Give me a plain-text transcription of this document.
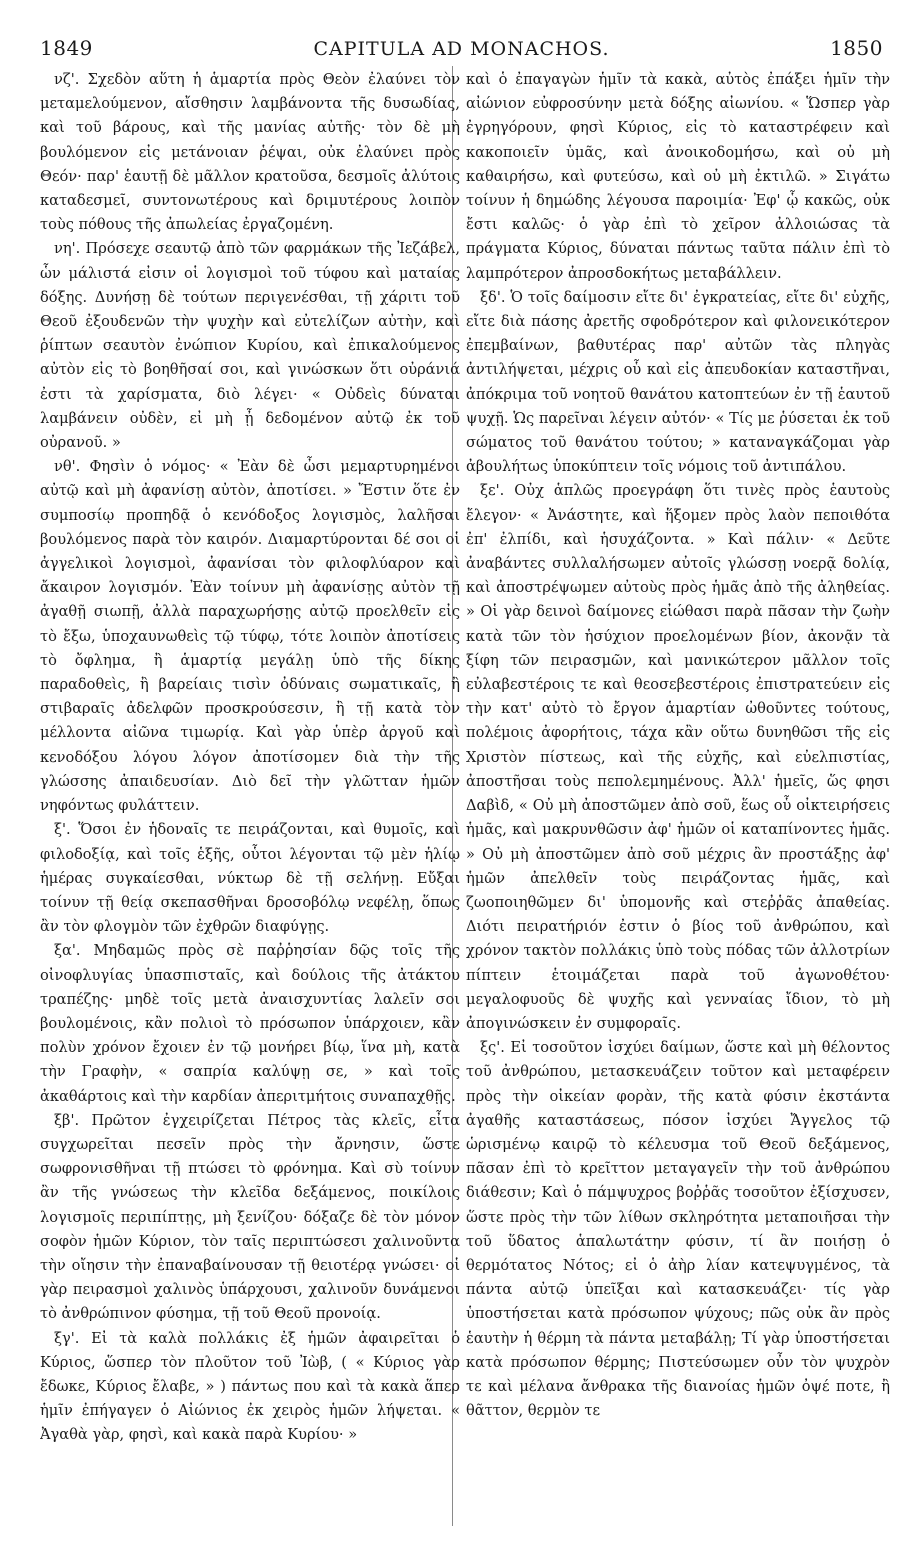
1849	CAPITULA AD MONACHOS.	1850

νζ'. Σχεδὸν αὕτη ἡ ἁμαρτία πρὸς Θεὸν ἐλαύνει τὸν μεταμελούμενον, αἴσθησιν λαμβάνοντα τῆς δυσωδίας, καὶ τοῦ βάρους, καὶ τῆς μανίας αὐτῆς· τὸν δὲ μὴ βουλόμενον εἰς μετάνοιαν ῥέψαι, οὐκ ἐλαύνει πρὸς Θεόν· παρ' ἑαυτῇ δὲ μᾶλλον κρατοῦσα, δεσμοῖς ἀλύτοις καταδεσμεῖ, συντονωτέρους καὶ δριμυτέρους λοιπὸν τοὺς πόθους τῆς ἀπωλείας ἐργαζομένη.

νη'. Πρόσεχε σεαυτῷ ἀπὸ τῶν φαρμάκων τῆς Ἰεζάβελ, ὧν μάλιστά εἰσιν οἱ λογισμοὶ τοῦ τύφου καὶ ματαίας δόξης. Δυνήσῃ δὲ τούτων περιγενέσθαι, τῇ χάριτι τοῦ Θεοῦ ἐξουδενῶν τὴν ψυχὴν καὶ εὐτελίζων αὐτὴν, καὶ ῥίπτων σεαυτὸν ἐνώπιον Κυρίου, καὶ ἐπικαλούμενος αὐτὸν εἰς τὸ βοηθῆσαί σοι, καὶ γινώσκων ὅτι οὐράνιά ἐστι τὰ χαρίσματα, διὸ λέγει· « Οὐδεὶς δύναται λαμβάνειν οὐδὲν, εἰ μὴ ᾖ δεδομένον αὐτῷ ἐκ τοῦ οὐρανοῦ. »

νθ'. Φησὶν ὁ νόμος· « Ἐὰν δὲ ὦσι μεμαρτυρημένοι αὐτῷ καὶ μὴ ἀφανίσῃ αὐτὸν, ἀποτίσει. » Ἔστιν ὅτε ἐν συμποσίῳ προπηδᾷ ὁ κενόδοξος λογισμὸς, λαλῆσαι βουλόμενος παρὰ τὸν καιρόν. Διαμαρτύρονται δέ σοι οἱ ἀγγελικοὶ λογισμοὶ, ἀφανίσαι τὸν φιλοφλύαρον καὶ ἄκαιρον λογισμόν. Ἐὰν τοίνυν μὴ ἀφανίσῃς αὐτὸν τῇ ἀγαθῇ σιωπῇ, ἀλλὰ παραχωρήσῃς αὐτῷ προελθεῖν εἰς τὸ ἔξω, ὑποχαυνωθεὶς τῷ τύφῳ, τότε λοιπὸν ἀποτίσεις τὸ ὄφλημα, ἢ ἁμαρτίᾳ μεγάλῃ ὑπὸ τῆς δίκης παραδοθεὶς, ἢ βαρείαις τισὶν ὀδύναις σωματικαῖς, ἢ στιβαραῖς ἀδελφῶν προσκρούσεσιν, ἢ τῇ κατὰ τὸν μέλλοντα αἰῶνα τιμωρίᾳ. Καὶ γὰρ ὑπὲρ ἀργοῦ καὶ κενοδόξου λόγου λόγον ἀποτίσομεν διὰ τὴν τῆς γλώσσης ἀπαιδευσίαν. Διὸ δεῖ τὴν γλῶτταν ἡμῶν νηφόντως φυλάττειν.

ξ'. Ὅσοι ἐν ἡδοναῖς τε πειράζονται, καὶ θυμοῖς, καὶ φιλοδοξίᾳ, καὶ τοῖς ἑξῆς, οὗτοι λέγονται τῷ μὲν ἡλίῳ ἡμέρας συγκαίεσθαι, νύκτωρ δὲ τῇ σελήνῃ. Εὔξαι τοίνυν τῇ θείᾳ σκεπασθῆναι δροσοβόλῳ νεφέλῃ, ὅπως ἂν τὸν φλογμὸν τῶν ἐχθρῶν διαφύγῃς.

ξα'. Μηδαμῶς πρὸς σὲ παῤῥησίαν δῷς τοῖς τῆς οἰνοφλυγίας ὑπασπισταῖς, καὶ δούλοις τῆς ἀτάκτου τραπέζης· μηδὲ τοῖς μετὰ ἀναισχυντίας λαλεῖν σοι βουλομένοις, κἂν πολιοὶ τὸ πρόσωπον ὑπάρχοιεν, κἂν πολὺν χρόνον ἔχοιεν ἐν τῷ μονήρει βίῳ, ἵνα μὴ, κατὰ τὴν Γραφὴν, « σαπρία καλύψῃ σε, » καὶ τοῖς ἀκαθάρτοις καὶ τὴν καρδίαν ἀπεριτμήτοις συναπαχθῇς.

ξβ'. Πρῶτον ἐγχειρίζεται Πέτρος τὰς κλεῖς, εἶτα συγχωρεῖται πεσεῖν πρὸς τὴν ἄρνησιν, ὥστε σωφρονισθῆναι τῇ πτώσει τὸ φρόνημα. Καὶ σὺ τοίνυν ἂν τῆς γνώσεως τὴν κλεῖδα δεξάμενος, ποικίλοις λογισμοῖς περιπίπτῃς, μὴ ξενίζου· δόξαζε δὲ τὸν μόνον σοφὸν ἡμῶν Κύριον, τὸν ταῖς περιπτώσεσι χαλινοῦντα τὴν οἴησιν τὴν ἐπαναβαίνουσαν τῇ θειοτέρᾳ γνώσει· οἱ γὰρ πειρασμοὶ χαλινὸς ὑπάρχουσι, χαλινοῦν δυνάμενοι τὸ ἀνθρώπινον φύσημα, τῇ τοῦ Θεοῦ προνοίᾳ.

ξγ'. Εἰ τὰ καλὰ πολλάκις ἐξ ἡμῶν ἀφαιρεῖται ὁ Κύριος, ὥσπερ τὸν πλοῦτον τοῦ Ἰὼβ, ( « Κύριος γὰρ ἔδωκε, Κύριος ἔλαβε, » ) πάντως που καὶ τὰ κακὰ ἅπερ ἡμῖν ἐπήγαγεν ὁ Αἰώνιος ἐκ χειρὸς ἡμῶν λήψεται. « Ἀγαθὰ γὰρ, φησὶ, καὶ κακὰ παρὰ Κυρίου· »

καὶ ὁ ἐπαγαγὼν ἡμῖν τὰ κακὰ, αὐτὸς ἐπάξει ἡμῖν τὴν αἰώνιον εὐφροσύνην μετὰ δόξης αἰωνίου. « Ὥσπερ γὰρ ἐγρηγόρουν, φησὶ Κύριος, εἰς τὸ καταστρέφειν καὶ κακοποιεῖν ὑμᾶς, καὶ ἀνοικοδομήσω, καὶ οὐ μὴ καθαιρήσω, καὶ φυτεύσω, καὶ οὐ μὴ ἐκτιλῶ. » Σιγάτω τοίνυν ἡ δημώδης λέγουσα παροιμία· Ἐφ' ᾧ κακῶς, οὐκ ἔστι καλῶς· ὁ γὰρ ἐπὶ τὸ χεῖρον ἀλλοιώσας τὰ πράγματα Κύριος, δύναται πάντως ταῦτα πάλιν ἐπὶ τὸ λαμπρότερον ἀπροσδοκήτως μεταβάλλειν.

ξδ'. Ὁ τοῖς δαίμοσιν εἴτε δι' ἐγκρατείας, εἴτε δι' εὐχῆς, εἴτε διὰ πάσης ἀρετῆς σφοδρότερον καὶ φιλονεικότερον ἐπεμβαίνων, βαθυτέρας παρ' αὐτῶν τὰς πληγὰς ἀντιλήψεται, μέχρις οὗ καὶ εἰς ἀπευδοκίαν καταστῆναι, ἀπόκριμα τοῦ νοητοῦ θανάτου κατοπτεύων ἐν τῇ ἑαυτοῦ ψυχῇ. Ὡς παρεῖναι λέγειν αὐτόν· « Τίς με ῥύσεται ἐκ τοῦ σώματος τοῦ θανάτου τούτου; » καταναγκάζομαι γὰρ ἀβουλήτως ὑποκύπτειν τοῖς νόμοις τοῦ ἀντιπάλου.

ξε'. Οὐχ ἁπλῶς προεγράφη ὅτι τινὲς πρὸς ἑαυτοὺς ἔλεγον· « Ἀνάστητε, καὶ ἥξομεν πρὸς λαὸν πεποιθότα ἐπ' ἐλπίδι, καὶ ἡσυχάζοντα. » Καὶ πάλιν· « Δεῦτε ἀναβάντες συλλαλήσωμεν αὐτοῖς γλώσσῃ νοερᾷ δολίᾳ, καὶ ἀποστρέψωμεν αὐτοὺς πρὸς ἡμᾶς ἀπὸ τῆς ἀληθείας. » Οἱ γὰρ δεινοὶ δαίμονες εἰώθασι παρὰ πᾶσαν τὴν ζωὴν κατὰ τῶν τὸν ἡσύχιον προελομένων βίον, ἀκονᾷν τὰ ξίφη τῶν πειρασμῶν, καὶ μανικώτερον μᾶλλον τοῖς εὐλαβεστέροις τε καὶ θεοσεβεστέροις ἐπιστρατεύειν εἰς τὴν κατ' αὐτὸ τὸ ἔργον ἁμαρτίαν ὠθοῦντες τούτους, πολέμοις ἀφορήτοις, τάχα κἂν οὕτω δυνηθῶσι τῆς εἰς Χριστὸν πίστεως, καὶ τῆς εὐχῆς, καὶ εὐελπιστίας, ἀποστῆσαι τοὺς πεπολεμημένους. Ἀλλ' ἡμεῖς, ὥς φησι Δαβὶδ, « Οὐ μὴ ἀποστῶμεν ἀπὸ σοῦ, ἕως οὗ οἰκτειρήσεις ἡμᾶς, καὶ μακρυνθῶσιν ἀφ' ἡμῶν οἱ καταπίνοντες ἡμᾶς. » Οὐ μὴ ἀποστῶμεν ἀπὸ σοῦ μέχρις ἂν προστάξῃς ἀφ' ἡμῶν ἀπελθεῖν τοὺς πειράζοντας ἡμᾶς, καὶ ζωοποιηθῶμεν δι' ὑπομονῆς καὶ στεῤῥᾶς ἀπαθείας. Διότι πειρατήριόν ἐστιν ὁ βίος τοῦ ἀνθρώπου, καὶ χρόνον τακτὸν πολλάκις ὑπὸ τοὺς πόδας τῶν ἀλλοτρίων πίπτειν ἑτοιμάζεται παρὰ τοῦ ἀγωνοθέτου· μεγαλοφυοῦς δὲ ψυχῆς καὶ γενναίας ἴδιον, τὸ μὴ ἀπογινώσκειν ἐν συμφοραῖς.

ξς'. Εἰ τοσοῦτον ἰσχύει δαίμων, ὥστε καὶ μὴ θέλοντος τοῦ ἀνθρώπου, μετασκευάζειν τοῦτον καὶ μεταφέρειν πρὸς τὴν οἰκείαν φορὰν, τῆς κατὰ φύσιν ἐκστάντα ἀγαθῆς καταστάσεως, πόσον ἰσχύει Ἄγγελος τῷ ὡρισμένῳ καιρῷ τὸ κέλευσμα τοῦ Θεοῦ δεξάμενος, πᾶσαν ἐπὶ τὸ κρεῖττον μεταγαγεῖν τὴν τοῦ ἀνθρώπου διάθεσιν; Καὶ ὁ πάμψυχρος βοῤῥᾶς τοσοῦτον ἐξίσχυσεν, ὥστε πρὸς τὴν τῶν λίθων σκληρότητα μεταποιῆσαι τὴν τοῦ ὕδατος ἁπαλωτάτην φύσιν, τί ἂν ποιήσῃ ὁ θερμότατος Νότος; εἰ ὁ ἀὴρ λίαν κατεψυγμένος, τὰ πάντα αὐτῷ ὑπεῖξαι καὶ κατασκευάζει· τίς γὰρ ὑποστήσεται κατὰ πρόσωπον ψύχους; πῶς οὐκ ἂν πρὸς ἑαυτὴν ἡ θέρμη τὰ πάντα μεταβάλῃ; Τί γὰρ ὑποστήσεται κατὰ πρόσωπον θέρμης; Πιστεύσωμεν οὖν τὸν ψυχρὸν τε καὶ μέλανα ἄνθρακα τῆς διανοίας ἡμῶν ὀψέ ποτε, ἢ θᾶττον, θερμὸν τε
